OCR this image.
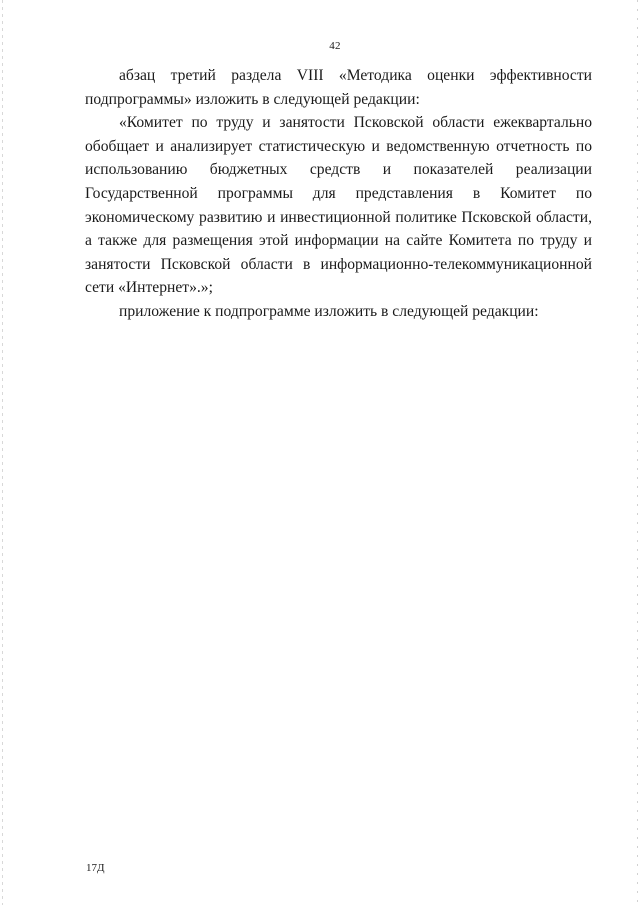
42

абзац третий раздела VIII «Методика оценки эффективности подпрограммы» изложить в следующей редакции:

«Комитет по труду и занятости Псковской области ежеквартально обобщает и анализирует статистическую и ведомственную отчетность по использованию бюджетных средств и показателей реализации Государственной программы для представления в Комитет по экономическому развитию и инвестиционной политике Псковской области, а также для размещения этой информации на сайте Комитета по труду и занятости Псковской области в информационно-телекоммуникационной сети «Интернет».»;

приложение к подпрограмме изложить в следующей редакции:

17Д
